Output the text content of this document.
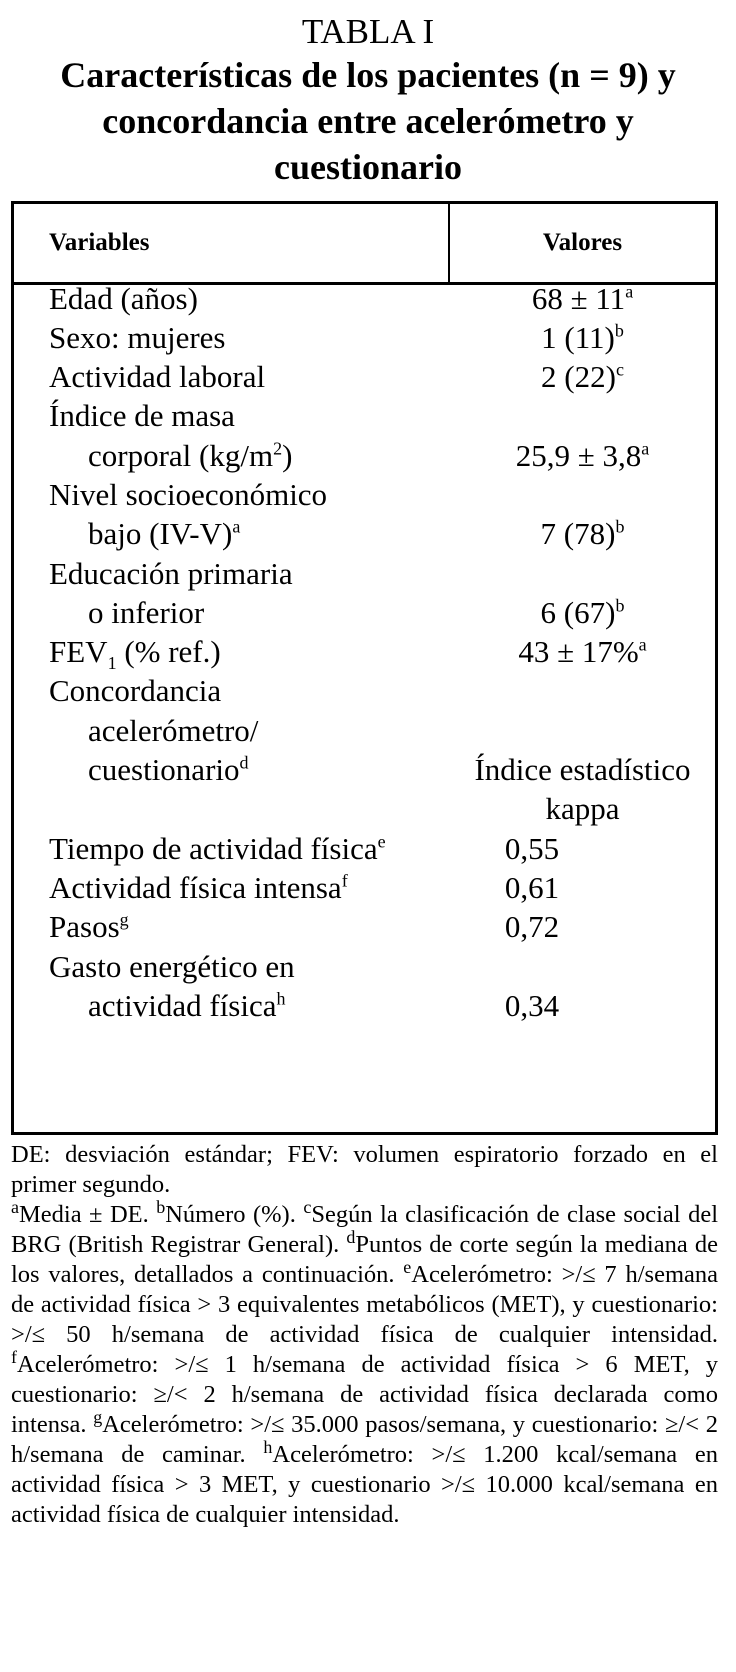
TABLA I
Características de los pacientes (n = 9) y concordancia entre acelerómetro y cuestionario
Variables	Valores
Edad (años)	$68 \pm 11^a$
Sexo: mujeres	1 $(11)^b$
Actividad laboral	2 $(22)^c$
Índice de masa
corporal $(kg/m^2)$	25,9 ± 3,8$^a$
Nivel socioeconómico
bajo $(IV-V)^a$	7 $(78)^b$
Educación primaria
o inferior	6 $(67)^b$
$FEV_1$ (% ref.)	43 ± 17%$^a$
Concordancia
acelerómetro/
cuestionario$^d$	Índice estadístico
kappa
Tiempo de actividad física$^e$	0,55
Actividad física intensa$^f$	0,61
Pasos$^g$	0,72
Gasto energético en
actividad física$^h$	0,34

DE: desviación estándar; FEV: volumen espiratorio forzado en el primer segundo.

$^a$Media ± DE. $^b$Número (%). $^c$Según la clasificación de clase social del BRG (British Registrar General). $^d$Puntos de corte según la mediana de los valores, detallados a continuación. $^e$Acelerómetro: >/≤ 7 h/semana de actividad física > 3 equivalentes metabólicos (MET), y cuestionario: >/≤ 50 h/semana de actividad física de cualquier intensidad. $^f$Acelerómetro: >/≤ 1 h/semana de actividad física > 6 MET, y cuestionario: ≥/< 2 h/semana de actividad física declarada como intensa. $^g$Acelerómetro: >/≤ 35.000 pasos/semana, y cuestionario: ≥/< 2 h/semana de caminar. $^h$Acelerómetro: >/≤ 1.200 kcal/semana en actividad física > 3 MET, y cuestionario >/≤ 10.000 kcal/semana en actividad física de cualquier intensidad.
